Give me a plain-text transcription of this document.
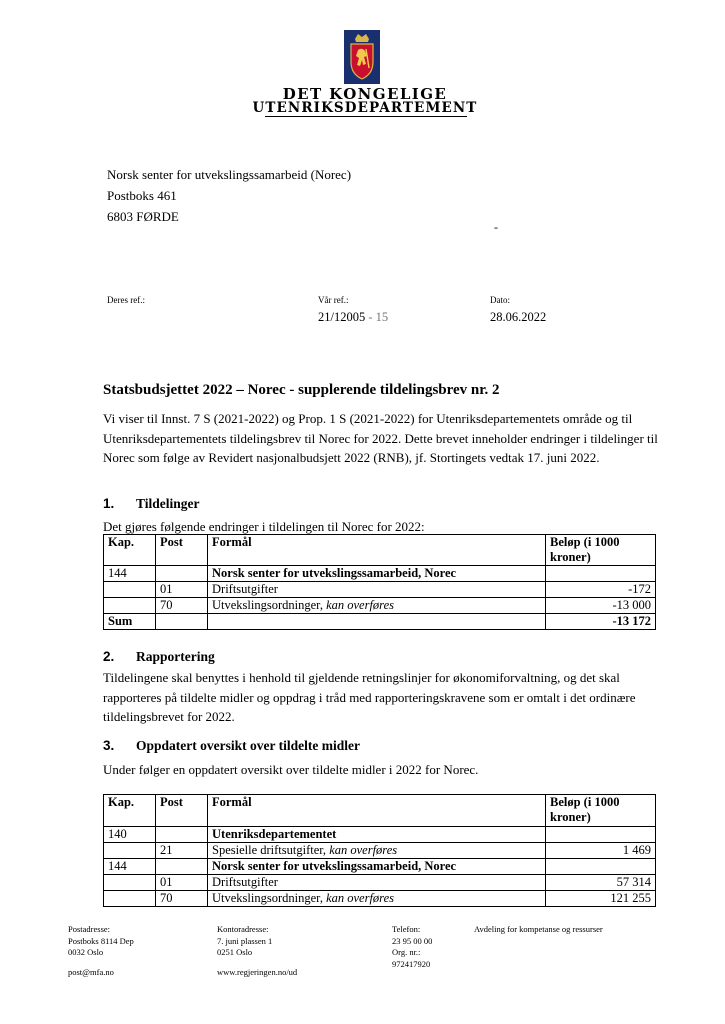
DET KONGELIGE
UTENRIKSDEPARTEMENT
Norsk senter for utvekslingssamarbeid (Norec)
Postboks 461
6803 FØRDE
-
Deres ref.:	Vår ref.:	Dato:
21/12005 - 15	28.06.2022
Statsbudsjettet 2022 – Norec - supplerende tildelingsbrev nr. 2
Vi viser til Innst. 7 S (2021-2022) og Prop. 1 S (2021-2022) for Utenriksdepartementets område og til Utenriksdepartementets tildelingsbrev til Norec for 2022. Dette brevet inneholder endringer i tildelinger til Norec som følge av Revidert nasjonalbudsjett 2022 (RNB), jf. Stortingets vedtak 17. juni 2022.
1. Tildelinger
Det gjøres følgende endringer i tildelingen til Norec for 2022:
Kap.	Post	Formål	Beløp (i 1000 kroner)
144		Norsk senter for utvekslingssamarbeid, Norec	
	01	Driftsutgifter	-172
	70	Utvekslingsordninger, kan overføres	-13 000
Sum			-13 172
2. Rapportering
Tildelingene skal benyttes i henhold til gjeldende retningslinjer for økonomiforvaltning, og det skal rapporteres på tildelte midler og oppdrag i tråd med rapporteringskravene som er omtalt i det ordinære tildelingsbrevet for 2022.
3. Oppdatert oversikt over tildelte midler
Under følger en oppdatert oversikt over tildelte midler i 2022 for Norec.
Kap.	Post	Formål	Beløp (i 1000 kroner)
140		Utenriksdepartementet	
	21	Spesielle driftsutgifter, kan overføres	1 469
144		Norsk senter for utvekslingssamarbeid, Norec	
	01	Driftsutgifter	57 314
	70	Utvekslingsordninger, kan overføres	121 255
Postadresse:
Postboks 8114 Dep
0032 Oslo
post@mfa.no
Kontoradresse:
7. juni plassen 1
0251 Oslo
www.regjeringen.no/ud
Telefon:
23 95 00 00
Org. nr.:
972417920
Avdeling for kompetanse og ressurser
